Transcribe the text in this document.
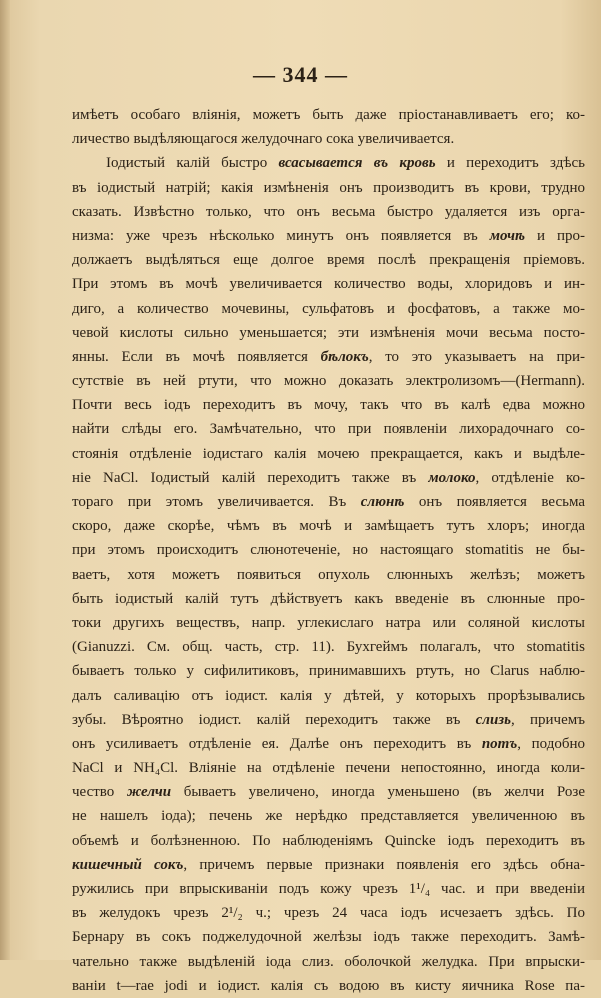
— 344 —
имѣетъ особаго вліянія, можетъ быть даже пріостанавливаетъ его; ко-
личество выдѣляющагося желудочнаго сока увеличивается.
Іодистый калій быстро всасывается въ кровь и переходитъ здѣсь
въ іодистый натрій; какія измѣненія онъ производитъ въ крови, трудно
сказать. Извѣстно только, что онъ весьма быстро удаляется изъ орга-
низма: уже чрезъ нѣсколько минутъ онъ появляется въ мочѣ и про-
должаетъ выдѣляться еще долгое время послѣ прекращенія пріемовъ.
При этомъ въ мочѣ увеличивается количество воды, хлоридовъ и ин-
диго, а количество мочевины, сульфатовъ и фосфатовъ, а также мо-
чевой кислоты сильно уменьшается; эти измѣненія мочи весьма посто-
янны. Если въ мочѣ появляется бѣлокъ, то это указываетъ на при-
сутствіе въ ней ртути, что можно доказать электролизомъ—(Hermann).
Почти весь іодъ переходитъ въ мочу, такъ что въ калѣ едва можно
найти слѣды его. Замѣчательно, что при появленіи лихорадочнаго со-
стоянія отдѣленіе іодистаго калія мочею прекращается, какъ и выдѣле-
ніе NaCl. Іодистый калій переходитъ также въ молоко, отдѣленіе ко-
тораго при этомъ увеличивается. Въ слюнѣ онъ появляется весьма
скоро, даже скорѣе, чѣмъ въ мочѣ и замѣщаетъ тутъ хлоръ; иногда
при этомъ происходитъ слюнотеченіе, но настоящаго stomatitis не бы-
ваетъ, хотя можетъ появиться опухоль слюнныхъ желѣзъ; можетъ
быть іодистый калій тутъ дѣйствуетъ какъ введеніе въ слюнные про-
токи другихъ веществъ, напр. углекислаго натра или соляной кислоты
(Gianuzzi. См. общ. часть, стр. 11). Бухгеймъ полагалъ, что stomatitis
бываетъ только у сифилитиковъ, принимавшихъ ртуть, но Clarus наблю-
далъ саливацію отъ іодист. калія у дѣтей, у которыхъ прорѣзывались
зубы. Вѣроятно іодист. калій переходитъ также въ слизь, причемъ
онъ усиливаетъ отдѣленіе ея. Далѣе онъ переходитъ въ потъ, подобно
NaCl и NH₄Cl. Вліяніе на отдѣленіе печени непостоянно, иногда коли-
чество желчи бываетъ увеличено, иногда уменьшено (въ желчи Розе
не нашелъ іода); печень же нерѣдко представляется увеличенною въ
объемѣ и болѣзненною. По наблюденіямъ Quincke іодъ переходитъ въ
кишечный сокъ, причемъ первые признаки появленія его здѣсь обна-
ружились при впрыскиваніи подъ кожу чрезъ 1¹/₄ час. и при введеніи
въ желудокъ чрезъ 2¹/₂ ч.; чрезъ 24 часа іодъ исчезаетъ здѣсь. По
Бернару въ сокъ поджелудочной желѣзы іодъ также переходитъ. Замѣ-
чательно также выдѣленій іода слиз. оболочкой желудка. При впрыски-
ваніи t—rae jodi и іодист. калія съ водою въ кисту яичника Rose па-
